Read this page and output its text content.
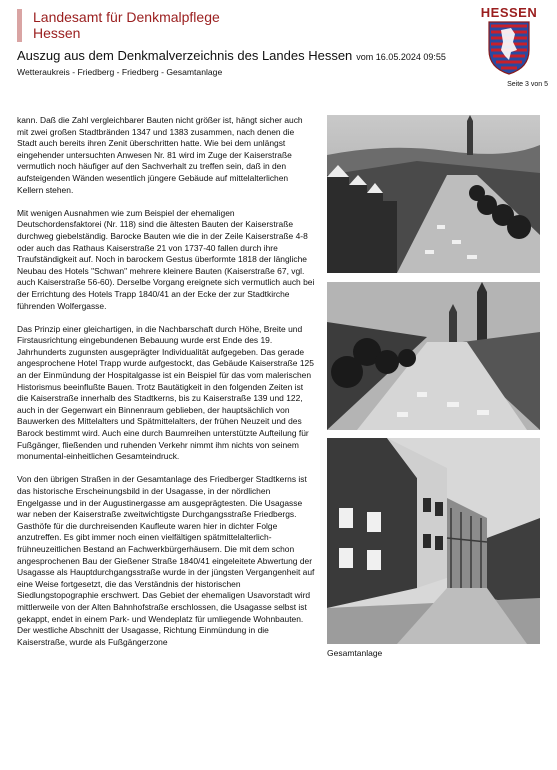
Landesamt für Denkmalpflege
Hessen
HESSEN
Seite 3 von 5
Auszug aus dem Denkmalverzeichnis des Landes Hessen vom 16.05.2024 09:55
Wetteraukreis - Friedberg - Friedberg - Gesamtanlage

kann. Daß die Zahl vergleichbarer Bauten nicht größer ist, hängt sicher auch mit zwei großen Stadtbränden 1347 und 1383 zusammen, nach denen die Stadt auch bereits ihren Zenit überschritten hatte. Wie bei dem unlängst eingehender untersuchten Anwesen Nr. 81 wird im Zuge der Kaiserstraße vermutlich noch häufiger auf den Sachverhalt zu treffen sein, daß in den aufsteigenden Wänden wesentlich jüngere Gebäude auf mittelalterlichen Kellern stehen.

Mit wenigen Ausnahmen wie zum Beispiel der ehemaligen Deutschordensfaktorei (Nr. 118) sind die ältesten Bauten der Kaiserstraße durchweg giebelständig. Barocke Bauten wie die in der Zeile Kaiserstraße 4-8 oder auch das Rathaus Kaiserstraße 21 von 1737-40 fallen durch ihre Traufständigkeit auf. Noch in barockem Gestus überformte 1818 der längliche Neubau des Hotels "Schwan" mehrere kleinere Bauten (Kaiserstraße 67, vgl. auch Kaiserstraße 56-60). Derselbe Vorgang ereignete sich vermutlich auch bei der Errichtung des Hotels Trapp 1840/41 an der Ecke der zur Stadtkirche führenden Wolfergasse.

Das Prinzip einer gleichartigen, in die Nachbarschaft durch Höhe, Breite und Firstausrichtung eingebundenen Bebauung wurde erst Ende des 19. Jahrhunderts zugunsten ausgeprägter Individualität aufgegeben. Das gerade angesprochene Hotel Trapp wurde aufgestockt, das Gebäude Kaiserstraße 125 an der Einmündung der Hospitalgasse ist ein Beispiel für das vom malerischen Historismus beeinflußte Bauen. Trotz Bautätigkeit in den folgenden Zeiten ist die Kaiserstraße innerhalb des Stadtkerns, bis zu Kaiserstraße 139 und 122, auch in der Gegenwart ein Binnenraum geblieben, der hauptsächlich von Bauwerken des Mittelalters und Spätmittelalters, der frühen Neuzeit und des Barock bestimmt wird. Auch eine durch Baumreihen unterstützte Aufteilung für Fußgänger, fließenden und ruhenden Verkehr nimmt ihm nichts von seinem monumental-einheitlichen Gesamteindruck.

Von den übrigen Straßen in der Gesamtanlage des Friedberger Stadtkerns ist das historische Erscheinungsbild in der Usagasse, in der nördlichen Engelgasse und in der Augustinergasse am ausgeprägtesten. Die Usagasse war neben der Kaiserstraße zweitwichtigste Durchgangsstraße Friedbergs. Gasthöfe für die durchreisenden Kaufleute waren hier in dichter Folge anzutreffen. Es gibt immer noch einen vielfältigen spätmittelalterlich-frühneuzeitlichen Bestand an Fachwerkbürgerhäusern. Die mit dem schon angesprochenen Bau der Gießener Straße 1840/41 eingeleitete Abwertung der Usagasse als Hauptdurchgangsstraße wurde in der jüngsten Vergangenheit auf eine Weise fortgesetzt, die das Verständnis der historischen Siedlungstopographie erschwert. Das Gebiet der ehemaligen Usavorstadt wird mittlerweile von der Alten Bahnhofstraße erschlossen, die Usagasse selbst ist gekappt, endet in einem Park- und Wendeplatz für umliegende Wohnbauten. Der westliche Abschnitt der Usagasse, Richtung Einmündung in die Kaiserstraße, wurde als Fußgängerzone

Gesamtanlage
